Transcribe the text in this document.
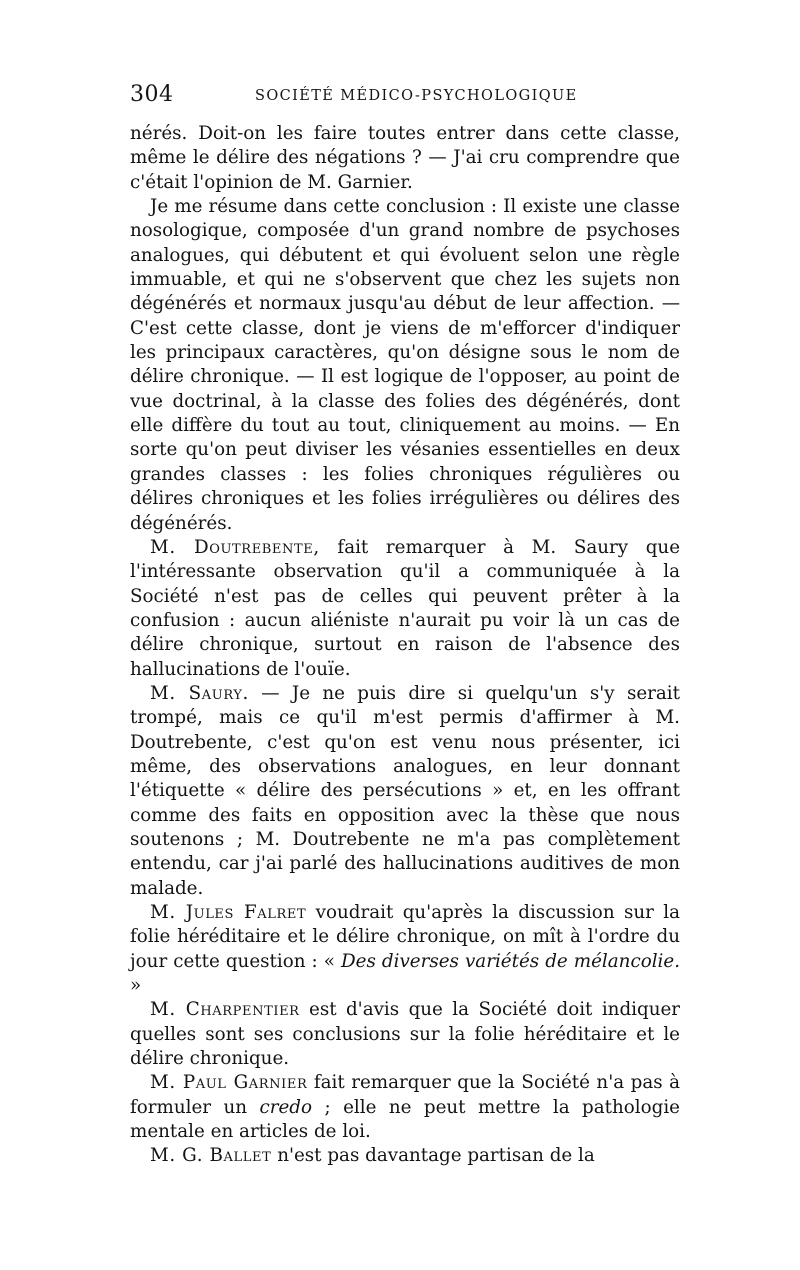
304	SOCIÉTÉ MÉDICO-PSYCHOLOGIQUE

nérés. Doit-on les faire toutes entrer dans cette classe, même le délire des négations ? — J'ai cru comprendre que c'était l'opinion de M. Garnier.

Je me résume dans cette conclusion : Il existe une classe nosologique, composée d'un grand nombre de psychoses analogues, qui débutent et qui évoluent selon une règle immuable, et qui ne s'observent que chez les sujets non dégénérés et normaux jusqu'au début de leur affection. — C'est cette classe, dont je viens de m'efforcer d'indiquer les principaux caractères, qu'on désigne sous le nom de délire chronique. — Il est logique de l'opposer, au point de vue doctrinal, à la classe des folies des dégénérés, dont elle diffère du tout au tout, cliniquement au moins. — En sorte qu'on peut diviser les vésanies essentielles en deux grandes classes : les folies chroniques régulières ou délires chroniques et les folies irrégulières ou délires des dégénérés.

M. Doutrebente, fait remarquer à M. Saury que l'intéressante observation qu'il a communiquée à la Société n'est pas de celles qui peuvent prêter à la confusion : aucun aliéniste n'aurait pu voir là un cas de délire chronique, surtout en raison de l'absence des hallucinations de l'ouïe.

M. Saury. — Je ne puis dire si quelqu'un s'y serait trompé, mais ce qu'il m'est permis d'affirmer à M. Doutrebente, c'est qu'on est venu nous présenter, ici même, des observations analogues, en leur donnant l'étiquette « délire des persécutions » et, en les offrant comme des faits en opposition avec la thèse que nous soutenons ; M. Doutrebente ne m'a pas complètement entendu, car j'ai parlé des hallucinations auditives de mon malade.

M. Jules Falret voudrait qu'après la discussion sur la folie héréditaire et le délire chronique, on mît à l'ordre du jour cette question : « Des diverses variétés de mélancolie. »

M. Charpentier est d'avis que la Société doit indiquer quelles sont ses conclusions sur la folie héréditaire et le délire chronique.

M. Paul Garnier fait remarquer que la Société n'a pas à formuler un credo ; elle ne peut mettre la pathologie mentale en articles de loi.

M. G. Ballet n'est pas davantage partisan de la
